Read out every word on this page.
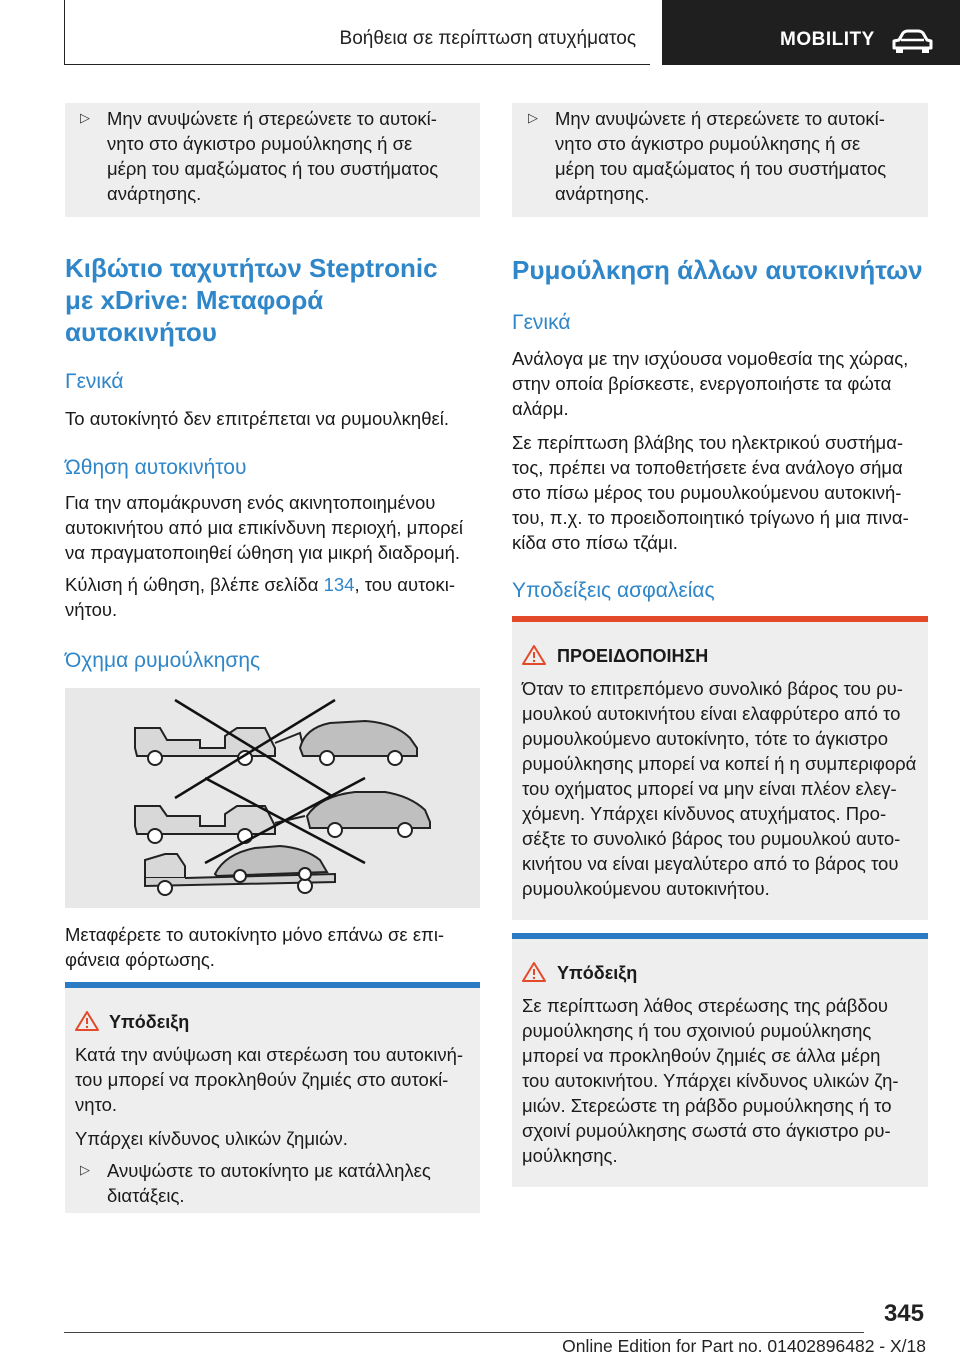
Βοήθεια σε περίπτωση ατυχήματος	MOBILITY
▷ Μην ανυψώνετε ή στερεώνετε το αυτοκί-

νητο στο άγκιστρο ρυμούλκησης ή σε

μέρη του αμαξώματος ή του συστήματος

ανάρτησης.

Κιβώτιο ταχυτήτων Steptronic
με xDrive: Μεταφορά
αυτοκινήτου
Γενικά
Το αυτοκίνητό δεν επιτρέπεται να ρυμουλκηθεί.
Ώθηση αυτοκινήτου

Για την απομάκρυνση ενός ακινητοποιημένου

αυτοκινήτου από μια επικίνδυνη περιοχή, μπορεί

να πραγματοποιηθεί ώθηση για μικρή διαδρομή.

Κύλιση ή ώθηση, βλέπε σελίδα 134, του αυτοκι-

νήτου.

Όχημα ρυμούλκησης

Μεταφέρετε το αυτοκίνητο μόνο επάνω σε επι-

φάνεια φόρτωσης.

Υπόδειξη

Κατά την ανύψωση και στερέωση του αυτοκινή-

του μπορεί να προκληθούν ζημιές στο αυτοκί-

νητο.

Υπάρχει κίνδυνος υλικών ζημιών.

▷ Ανυψώστε το αυτοκίνητο με κατάλληλες

διατάξεις.

▷ Μην ανυψώνετε ή στερεώνετε το αυτοκί-

νητο στο άγκιστρο ρυμούλκησης ή σε

μέρη του αμαξώματος ή του συστήματος

ανάρτησης.

Ρυμούλκηση άλλων αυτοκινήτων
Γενικά

Ανάλογα με την ισχύουσα νομοθεσία της χώρας,

στην οποία βρίσκεστε, ενεργοποιήστε τα φώτα

αλάρμ.

Σε περίπτωση βλάβης του ηλεκτρικού συστήμα-

τος, πρέπει να τοποθετήσετε ένα ανάλογο σήμα

στο πίσω μέρος του ρυμουλκούμενου αυτοκινή-

του, π.χ. το προειδοποιητικό τρίγωνο ή μια πινα-

κίδα στο πίσω τζάμι.

Υποδείξεις ασφαλείας
ΠΡΟΕΙΔΟΠΟΙΗΣΗ

Όταν το επιτρεπόμενο συνολικό βάρος του ρυ-

μουλκού αυτοκινήτου είναι ελαφρύτερο από το

ρυμουλκούμενο αυτοκίνητο, τότε το άγκιστρο

ρυμούλκησης μπορεί να κοπεί ή η συμπεριφορά

του οχήματος μπορεί να μην είναι πλέον ελεγ-

χόμενη. Υπάρχει κίνδυνος ατυχήματος. Προ-

σέξτε το συνολικό βάρος του ρυμουλκού αυτο-

κινήτου να είναι μεγαλύτερο από το βάρος του

ρυμουλκούμενου αυτοκινήτου.

Υπόδειξη

Σε περίπτωση λάθος στερέωσης της ράβδου

ρυμούλκησης ή του σχοινιού ρυμούλκησης

μπορεί να προκληθούν ζημιές σε άλλα μέρη

του αυτοκινήτου. Υπάρχει κίνδυνος υλικών ζη-

μιών. Στερεώστε τη ράβδο ρυμούλκησης ή το

σχοινί ρυμούλκησης σωστά στο άγκιστρο ρυ-

μούλκησης.

345
Online Edition for Part no. 01402896482 - X/18
